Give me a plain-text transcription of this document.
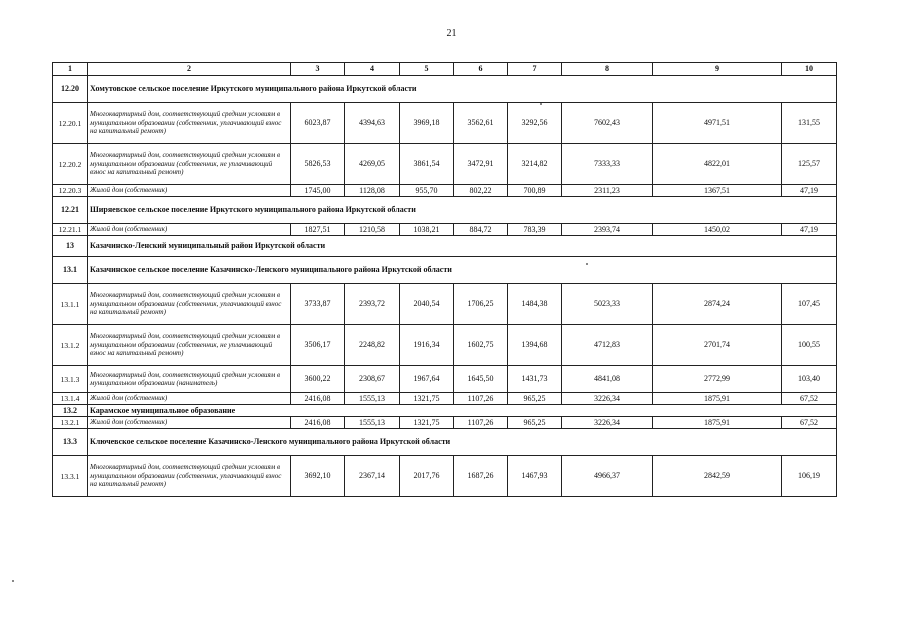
21
1	2	3	4	5	6	7	8	9	10
12.20	Хомутовское сельское поселение Иркутского муниципального района Иркутской области								
12.20.1	Многоквартирный дом, соответствующий средним условиям в муниципальном образовании (собственник, уплачивающий взнос на капитальный ремонт)	6023,87	4394,63	3969,18	3562,61	3292,56	7602,43	4971,51	131,55
12.20.2	Многоквартирный дом, соответствующий средним условиям в муниципальном образовании (собственник, не уплачивающий взнос на капитальный ремонт)	5826,53	4269,05	3861,54	3472,91	3214,82	7333,33	4822,01	125,57
12.20.3	Жилой дом (собственник)	1745,00	1128,08	955,70	802,22	700,89	2311,23	1367,51	47,19
12.21	Ширяевское сельское поселение Иркутского муниципального района Иркутской области								
12.21.1	Жилой дом (собственник)	1827,51	1210,58	1038,21	884,72	783,39	2393,74	1450,02	47,19
13	Казачинско-Ленский муниципальный район Иркутской области								
13.1	Казачинское сельское поселение Казачинско-Ленского муниципального района Иркутской области								
13.1.1	Многоквартирный дом, соответствующий средним условиям в муниципальном образовании (собственник, уплачивающий взнос на капитальный ремонт)	3733,87	2393,72	2040,54	1706,25	1484,38	5023,33	2874,24	107,45
13.1.2	Многоквартирный дом, соответствующий средним условиям в муниципальном образовании (собственник, не уплачивающий взнос на капитальный ремонт)	3506,17	2248,82	1916,34	1602,75	1394,68	4712,83	2701,74	100,55
13.1.3	Многоквартирный дом, соответствующий средним условиям в муниципальном образовании (наниматель)	3600,22	2308,67	1967,64	1645,50	1431,73	4841,08	2772,99	103,40
13.1.4	Жилой дом (собственник)	2416,08	1555,13	1321,75	1107,26	965,25	3226,34	1875,91	67,52
13.2	Карамское муниципальное образование								
13.2.1	Жилой дом (собственник)	2416,08	1555,13	1321,75	1107,26	965,25	3226,34	1875,91	67,52
13.3	Ключевское сельское поселение Казачинско-Ленского муниципального района Иркутской области								
13.3.1	Многоквартирный дом, соответствующий средним условиям в муниципальном образовании (собственник, уплачивающий взнос на капитальный ремонт)	3692,10	2367,14	2017,76	1687,26	1467,93	4966,37	2842,59	106,19
